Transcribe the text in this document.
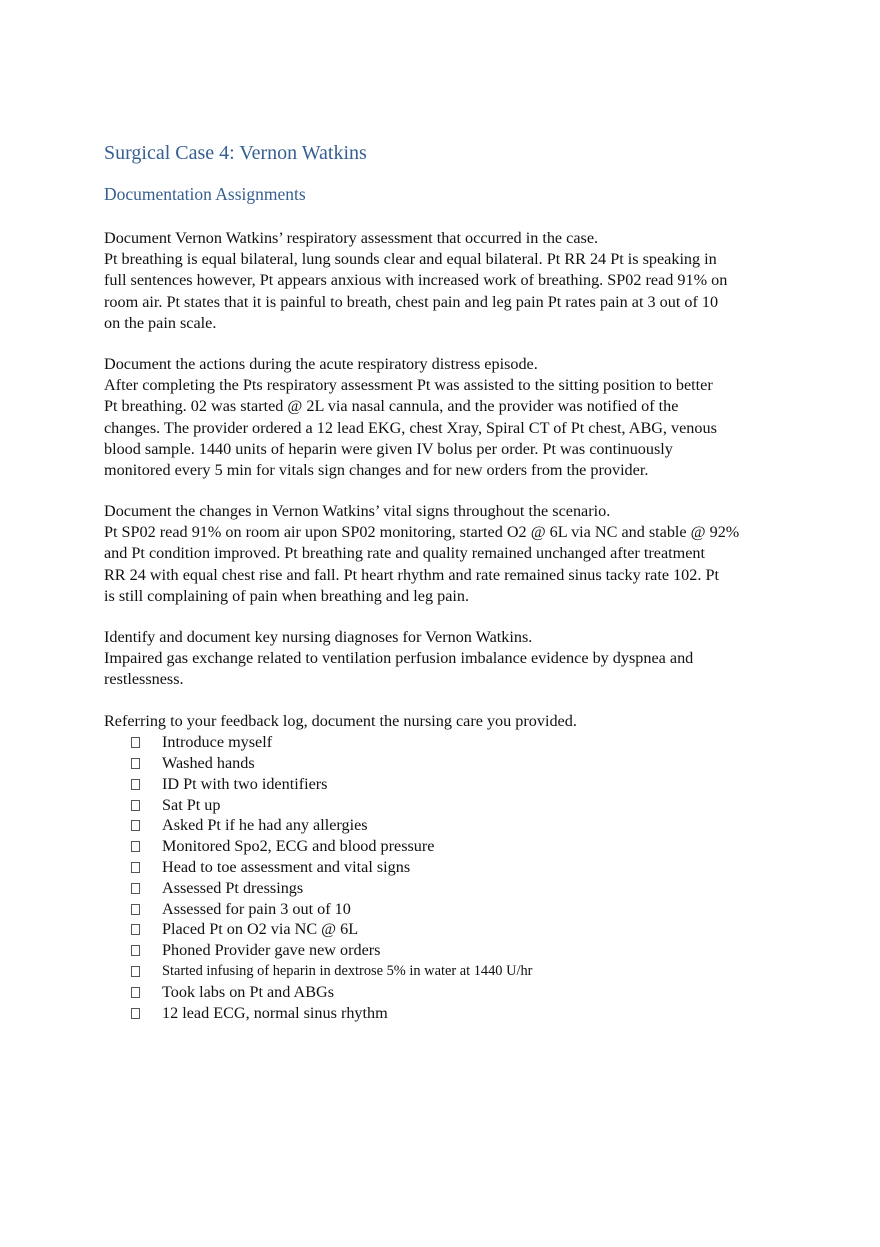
Surgical Case 4: Vernon Watkins
Documentation Assignments

Document Vernon Watkins’ respiratory assessment that occurred in the case.
Pt breathing is equal bilateral, lung sounds clear and equal bilateral. Pt RR 24 Pt is speaking in
full sentences however, Pt appears anxious with increased work of breathing. SP02 read 91% on
room air. Pt states that it is painful to breath, chest pain and leg pain Pt rates pain at 3 out of 10
on the pain scale.

Document the actions during the acute respiratory distress episode.
After completing the Pts respiratory assessment Pt was assisted to the sitting position to better
Pt breathing. 02 was started @ 2L via nasal cannula, and the provider was notified of the
changes. The provider ordered a 12 lead EKG, chest Xray, Spiral CT of Pt chest, ABG, venous
blood sample. 1440 units of heparin were given IV bolus per order. Pt was continuously
monitored every 5 min for vitals sign changes and for new orders from the provider.

Document the changes in Vernon Watkins’ vital signs throughout the scenario.
Pt SP02 read 91% on room air upon SP02 monitoring, started O2 @ 6L via NC and stable @ 92%
and Pt condition improved. Pt breathing rate and quality remained unchanged after treatment
RR 24 with equal chest rise and fall. Pt heart rhythm and rate remained sinus tacky rate 102. Pt
is still complaining of pain when breathing and leg pain.

Identify and document key nursing diagnoses for Vernon Watkins.
Impaired gas exchange related to ventilation perfusion imbalance evidence by dyspnea and
restlessness.

Referring to your feedback log, document the nursing care you provided.

Introduce myself
Washed hands
ID Pt with two identifiers
Sat Pt up
Asked Pt if he had any allergies
Monitored Spo2, ECG and blood pressure
Head to toe assessment and vital signs
Assessed Pt dressings
Assessed for pain 3 out of 10
Placed Pt on O2 via NC @ 6L
Phoned Provider gave new orders
Started infusing of heparin in dextrose 5% in water at 1440 U/hr
Took labs on Pt and ABGs
12 lead ECG, normal sinus rhythm
